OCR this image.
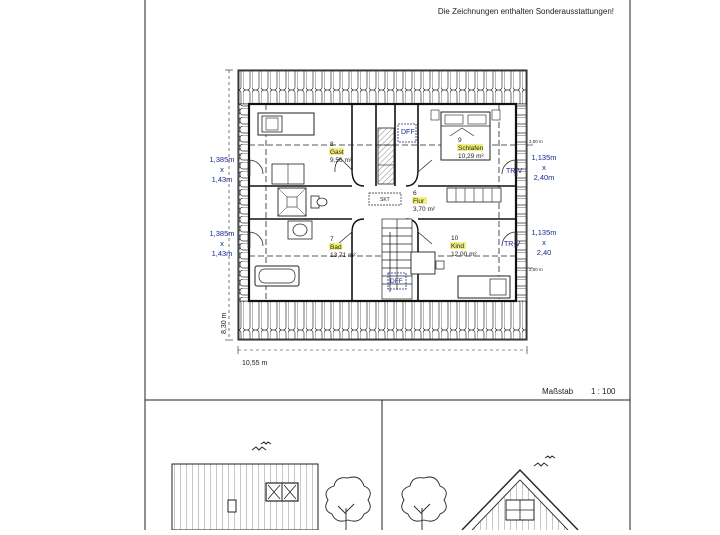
Die Zeichnungen enthalten Sonderausstattungen!
Maßstab 1 : 100
DFF
DFF
SKT
TR-V
TR-V
8
Gast
9,56 m²
9
Schlafen
10,29 m²
6
Flur
3,70 m²
7
Bad
13,71 m²
10
Kind
12,00 m²
1,385m
x
1,43m
1,385m
x
1,43m
1,135m
x
2,40m
1,135m
x
2,40
2,00 m
2,00 m
10,55 m
8,30 m
